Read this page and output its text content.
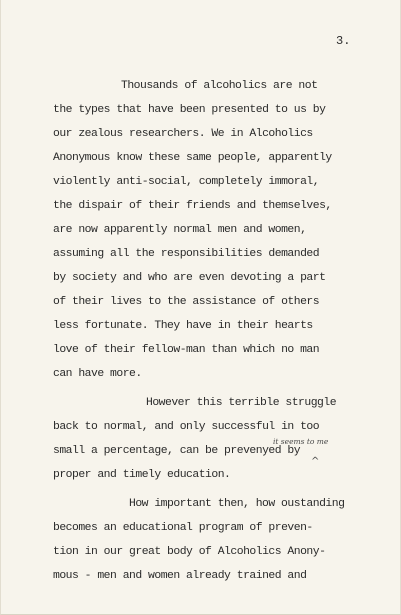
3.
Thousands of alcoholics are not
the types that have been presented to us by
our zealous researchers. We in Alcoholics
Anonymous know these same people, apparently
violently anti-social, completely immoral,
the dispair of their friends and themselves,
are now apparently normal men and women,
assuming all the responsibilities demanded
by society and who are even devoting a part
of their lives to the assistance of others
less fortunate. They have in their hearts
love of their fellow-man than which no man
can have more.
However this terrible struggle
back to normal, and only successful in too
it seems to me
small a percentage, can be prevenyed by
^
proper and timely education.
How important then, how oustanding
becomes an educational program of preven-
tion in our great body of Alcoholics Anony-
mous - men and women already trained and
